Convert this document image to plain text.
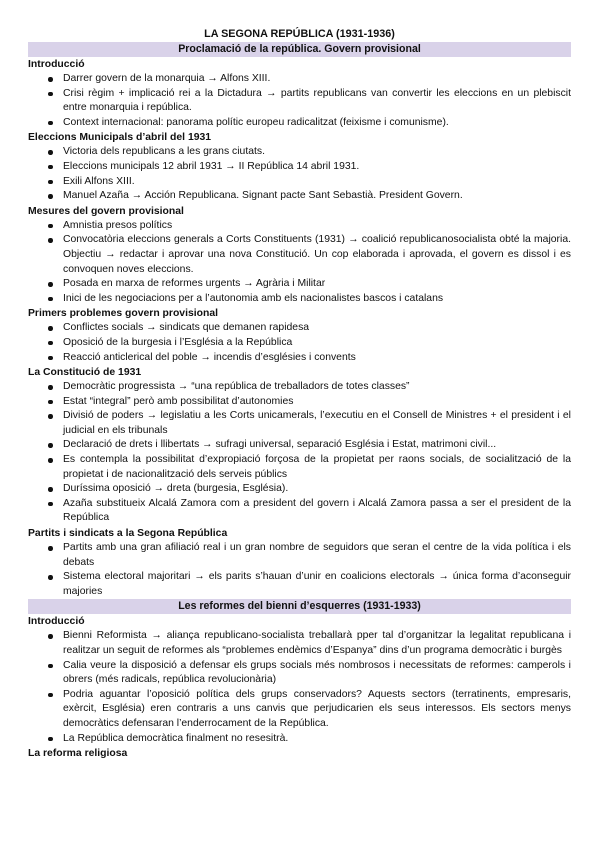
LA SEGONA REPÚBLICA (1931-1936)
Proclamació de la república. Govern provisional
Introducció
Darrer govern de la monarquia → Alfons XIII.
Crisi règim + implicació rei a la Dictadura → partits republicans van convertir les eleccions en un plebiscit entre monarquia i república.
Context internacional: panorama polític europeu radicalitzat (feixisme i comunisme).
Eleccions Municipals d’abril del 1931
Victoria dels republicans a les grans ciutats.
Eleccions municipals 12 abril 1931 → II República 14 abril 1931.
Exili Alfons XIII.
Manuel Azaña → Acción Republicana. Signant pacte Sant Sebastià. President Govern.
Mesures del govern provisional
Amnistia presos polítics
Convocatòria eleccions generals a Corts Constituents (1931) → coalició republicanosocialista obté la majoria. Objectiu → redactar i aprovar una nova Constitució. Un cop elaborada i aprovada, el govern es dissol i es convoquen noves eleccions.
Posada en marxa de reformes urgents → Agrària i Militar
Inici de les negociacions per a l’autonomia amb els nacionalistes bascos i catalans
Primers problemes govern provisional
Conflictes socials → sindicats que demanen rapidesa
Oposició de la burgesia i l’Església a la República
Reacció anticlerical del poble → incendis d’esglésies i convents
La Constitució de 1931
Democràtic progressista → “una república de treballadors de totes classes”
Estat “integral” però amb possibilitat d’autonomies
Divisió de poders → legislatiu a les Corts unicamerals, l’executiu en el Consell de Ministres + el president i el judicial en els tribunals
Declaració de drets i llibertats → sufragi universal, separació Església i Estat, matrimoni civil...
Es contempla la possibilitat d’expropiació forçosa de la propietat per raons socials, de socialització de la propietat i de nacionalització dels serveis públics
Duríssima oposició → dreta (burgesia, Església).
Azaña substitueix Alcalá Zamora com a president del govern i Alcalá Zamora passa a ser el president de la República
Partits i sindicats a la Segona República
Partits amb una gran afiliació real i un gran nombre de seguidors que seran el centre de la vida política i els debats
Sistema electoral majoritari → els parits s’hauan d’unir en coalicions electorals → única forma d’aconseguir majories
Les reformes del bienni d’esquerres (1931-1933)
Introducció
Bienni Reformista → aliança republicano-socialista treballarà pper tal d’organitzar la legalitat republicana i realitzar un seguit de reformes als “problemes endèmics d’Espanya” dins d’un programa democràtic i burgès
Calia veure la disposició a defensar els grups socials més nombrosos i necessitats de reformes: camperols i obrers (més radicals, república revolucionària)
Podria aguantar l’oposició política dels grups conservadors? Aquests sectors (terratinents, empresaris, exèrcit, Església) eren contraris a uns canvis que perjudicarien els seus interessos. Els sectors menys democràtics defensaran l’enderrocament de la República.
La República democràtica finalment no resesitrà.
La reforma religiosa
